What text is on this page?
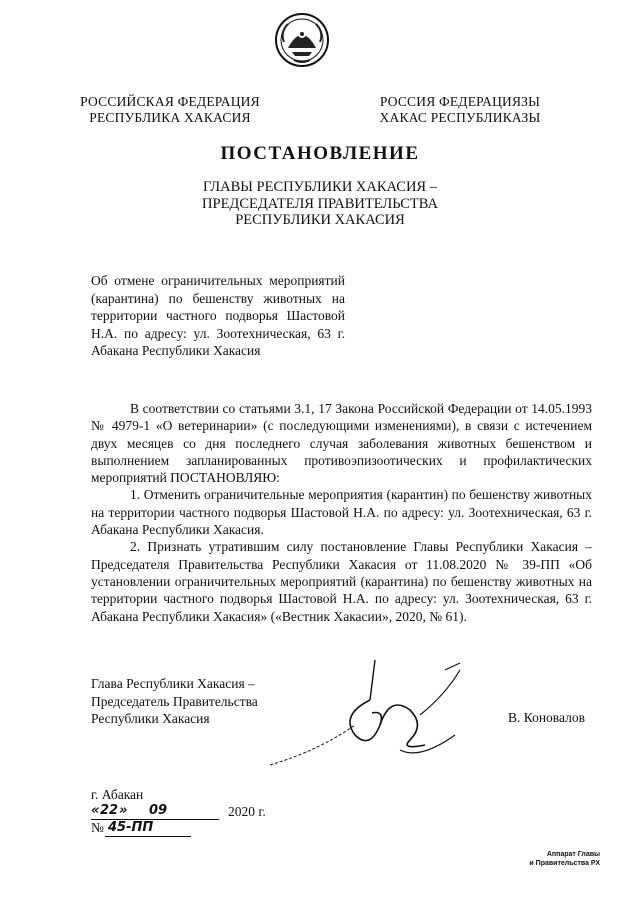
РОССИЙСКАЯ ФЕДЕРАЦИЯ
РЕСПУБЛИКА ХАКАСИЯ
РОССИЯ ФЕДЕРАЦИЯЗЫ
ХАКАС РЕСПУБЛИКАЗЫ
ПОСТАНОВЛЕНИЕ
ГЛАВЫ РЕСПУБЛИКИ ХАКАСИЯ –
ПРЕДСЕДАТЕЛЯ ПРАВИТЕЛЬСТВА
РЕСПУБЛИКИ ХАКАСИЯ
Об отмене ограничительных мероприятий (карантина) по бешенству животных на территории частного подворья Шастовой Н.А. по адресу: ул. Зоотехническая, 63 г. Абакана Республики Хакасия

В соответствии со статьями 3.1, 17 Закона Российской Федерации от 14.05.1993 № 4979-1 «О ветеринарии» (с последующими изменениями), в связи с истечением двух месяцев со дня последнего случая заболевания животных бешенством и выполнением запланированных противоэпизоотических и профилактических мероприятий ПОСТАНОВЛЯЮ:

1. Отменить ограничительные мероприятия (карантин) по бешенству животных на территории частного подворья Шастовой Н.А. по адресу: ул. Зоотехническая, 63 г. Абакана Республики Хакасия.

2. Признать утратившим силу постановление Главы Республики Хакасия – Председателя Правительства Республики Хакасия от 11.08.2020 № 39-ПП «Об установлении ограничительных мероприятий (карантина) по бешенству животных на территории частного подворья Шастовой Н.А. по адресу: ул. Зоотехническая, 63 г. Абакана Республики Хакасия» («Вестник Хакасии», 2020, № 61).

Глава Республики Хакасия –
Председатель Правительства
Республики Хакасия	В. Коновалов
г. Абакан
« 22 » 09	2020 г.
№ 45-ПП
Аппарат Главы
и Правительства РХ
